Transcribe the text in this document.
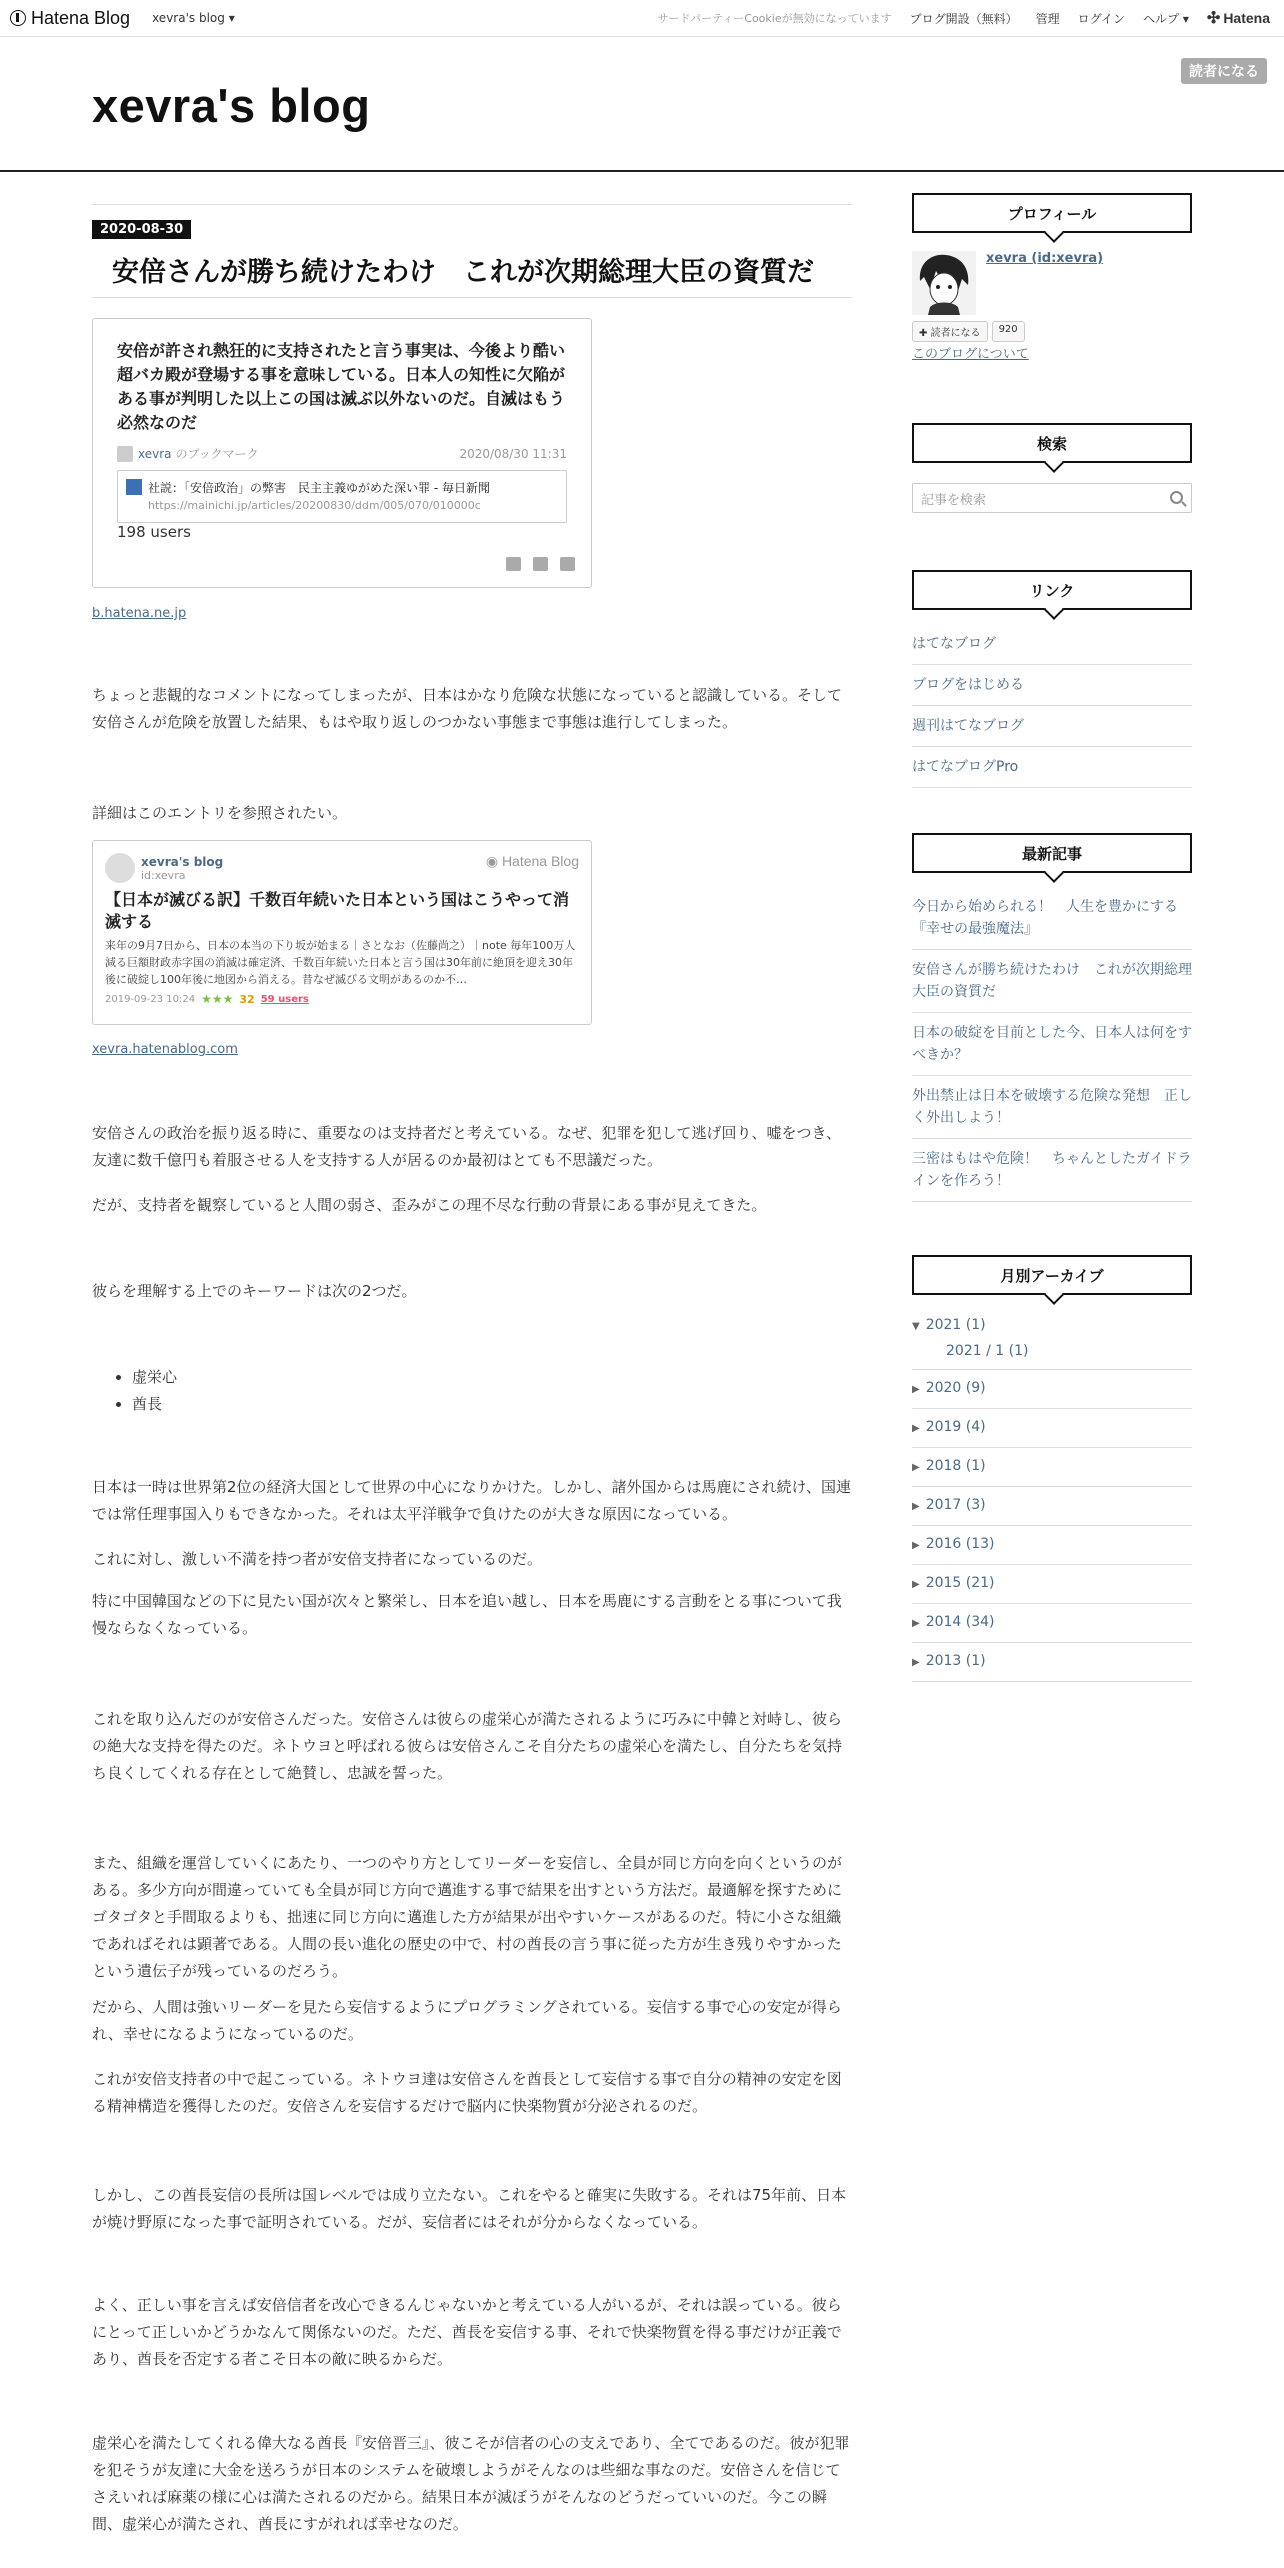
Hatena Blog xevra's blog ▾	サードパーティーCookieが無効になっています ブログ開設（無料） 管理 ログイン ヘルプ ▾ ✣ Hatena
xevra's blog
読者になる
2020-08-30
安倍さんが勝ち続けたわけ　これが次期総理大臣の資質だ
安倍が許され熱狂的に支持されたと言う事実は、今後より酷い超バカ殿が登場する事を意味している。日本人の知性に欠陥がある事が判明した以上この国は滅ぶ以外ないのだ。自滅はもう必然なのだ
xevra のブックマーク	2020/08/30 11:31
社説：「安倍政治」の弊害　民主主義ゆがめた深い罪 - 毎日新聞
https://mainichi.jp/articles/20200830/ddm/005/070/010000c
198 users
b.hatena.ne.jp
ちょっと悲観的なコメントになってしまったが、日本はかなり危険な状態になっていると認識している。そして安倍さんが危険を放置した結果、もはや取り返しのつかない事態まで事態は進行してしまった。
詳細はこのエントリを参照されたい。
xevra's blog
id:xevra
◉ Hatena Blog
【日本が滅びる訳】千数百年続いた日本という国はこうやって消滅する
来年の9月7日から、日本の本当の下り坂が始まる｜さとなお（佐藤尚之）｜note 毎年100万人減る巨額財政赤字国の消滅は確定済、千数百年続いた日本と言う国は30年前に絶頂を迎え30年後に破綻し100年後に地図から消える。昔なぜ滅びる文明があるのか不…
2019-09-23 10:24 ★★★ 32 59 users
xevra.hatenablog.com
安倍さんの政治を振り返る時に、重要なのは支持者だと考えている。なぜ、犯罪を犯して逃げ回り、嘘をつき、友達に数千億円も着服させる人を支持する人が居るのか最初はとても不思議だった。
だが、支持者を観察していると人間の弱さ、歪みがこの理不尽な行動の背景にある事が見えてきた。
彼らを理解する上でのキーワードは次の2つだ。
• 虚栄心
• 酋長
日本は一時は世界第2位の経済大国として世界の中心になりかけた。しかし、諸外国からは馬鹿にされ続け、国連では常任理事国入りもできなかった。それは太平洋戦争で負けたのが大きな原因になっている。
これに対し、激しい不満を持つ者が安倍支持者になっているのだ。
特に中国韓国などの下に見たい国が次々と繁栄し、日本を追い越し、日本を馬鹿にする言動をとる事について我慢ならなくなっている。
これを取り込んだのが安倍さんだった。安倍さんは彼らの虚栄心が満たされるように巧みに中韓と対峙し、彼らの絶大な支持を得たのだ。ネトウヨと呼ばれる彼らは安倍さんこそ自分たちの虚栄心を満たし、自分たちを気持ち良くしてくれる存在として絶賛し、忠誠を誓った。
また、組織を運営していくにあたり、一つのやり方としてリーダーを妄信し、全員が同じ方向を向くというのがある。多少方向が間違っていても全員が同じ方向で邁進する事で結果を出すという方法だ。最適解を探すためにゴタゴタと手間取るよりも、拙速に同じ方向に邁進した方が結果が出やすいケースがあるのだ。特に小さな組織であればそれは顕著である。人間の長い進化の歴史の中で、村の酋長の言う事に従った方が生き残りやすかったという遺伝子が残っているのだろう。
だから、人間は強いリーダーを見たら妄信するようにプログラミングされている。妄信する事で心の安定が得られ、幸せになるようになっているのだ。
これが安倍支持者の中で起こっている。ネトウヨ達は安倍さんを酋長として妄信する事で自分の精神の安定を図る精神構造を獲得したのだ。安倍さんを妄信するだけで脳内に快楽物質が分泌されるのだ。
しかし、この酋長妄信の長所は国レベルでは成り立たない。これをやると確実に失敗する。それは75年前、日本が焼け野原になった事で証明されている。だが、妄信者にはそれが分からなくなっている。
よく、正しい事を言えば安倍信者を改心できるんじゃないかと考えている人がいるが、それは誤っている。彼らにとって正しいかどうかなんて関係ないのだ。ただ、酋長を妄信する事、それで快楽物質を得る事だけが正義であり、酋長を否定する者こそ日本の敵に映るからだ。
虚栄心を満たしてくれる偉大なる酋長『安倍晋三』、彼こそが信者の心の支えであり、全てであるのだ。彼が犯罪を犯そうが友達に大金を送ろうが日本のシステムを破壊しようがそんなのは些細な事なのだ。安倍さんを信じてさえいれば麻薬の様に心は満たされるのだから。結果日本が滅ぼうがそんなのどうだっていいのだ。今この瞬間、虚栄心が満たされ、酋長にすがれれば幸せなのだ。
プロフィール
xevra (id:xevra)
✚ 読者になる	920
このブログについて
検索
記事を検索
リンク
はてなブログ
ブログをはじめる
週刊はてなブログ
はてなブログPro
最新記事
今日から始められる！　人生を豊かにする『幸せの最強魔法』
安倍さんが勝ち続けたわけ　これが次期総理大臣の資質だ
日本の破綻を目前とした今、日本人は何をすべきか？
外出禁止は日本を破壊する危険な発想　正しく外出しよう！
三密はもはや危険！　ちゃんとしたガイドラインを作ろう！
月別アーカイブ
▼ 2021 (1)
2021 / 1 (1)
▶ 2020 (9)
▶ 2019 (4)
▶ 2018 (1)
▶ 2017 (3)
▶ 2016 (13)
▶ 2015 (21)
▶ 2014 (34)
▶ 2013 (1)
